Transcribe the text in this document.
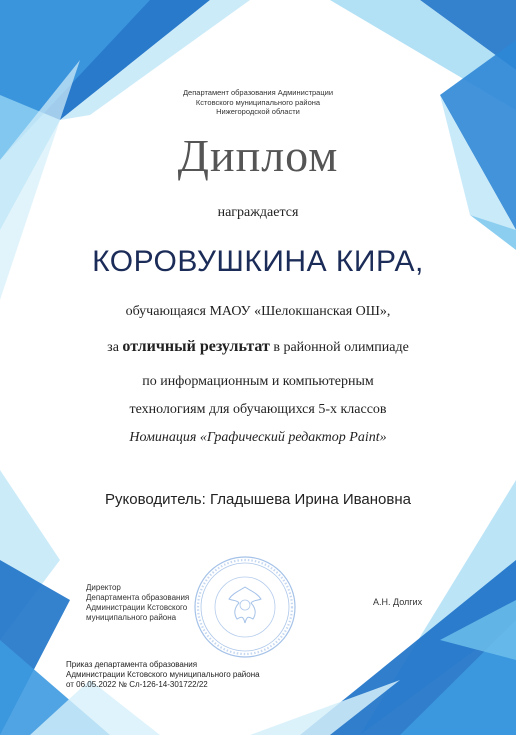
Департамент образования Администрации
Кстовского муниципального района
Нижегородской области
Диплом
награждается
КОРОВУШКИНА КИРА,
обучающаяся МАОУ «Шелокшанская ОШ»,
за отличный результат в районной олимпиаде
по информационным и компьютерным
технологиям для обучающихся 5-х классов
Номинация «Графический редактор Paint»
Руководитель: Гладышева Ирина Ивановна
Директор
Департамента образования
Администрации Кстовского
муниципального района
А.Н. Долгих
Приказ департамента образования
Администрации Кстовского муниципального района
от 06.05.2022 № Сл-126-14-301722/22
